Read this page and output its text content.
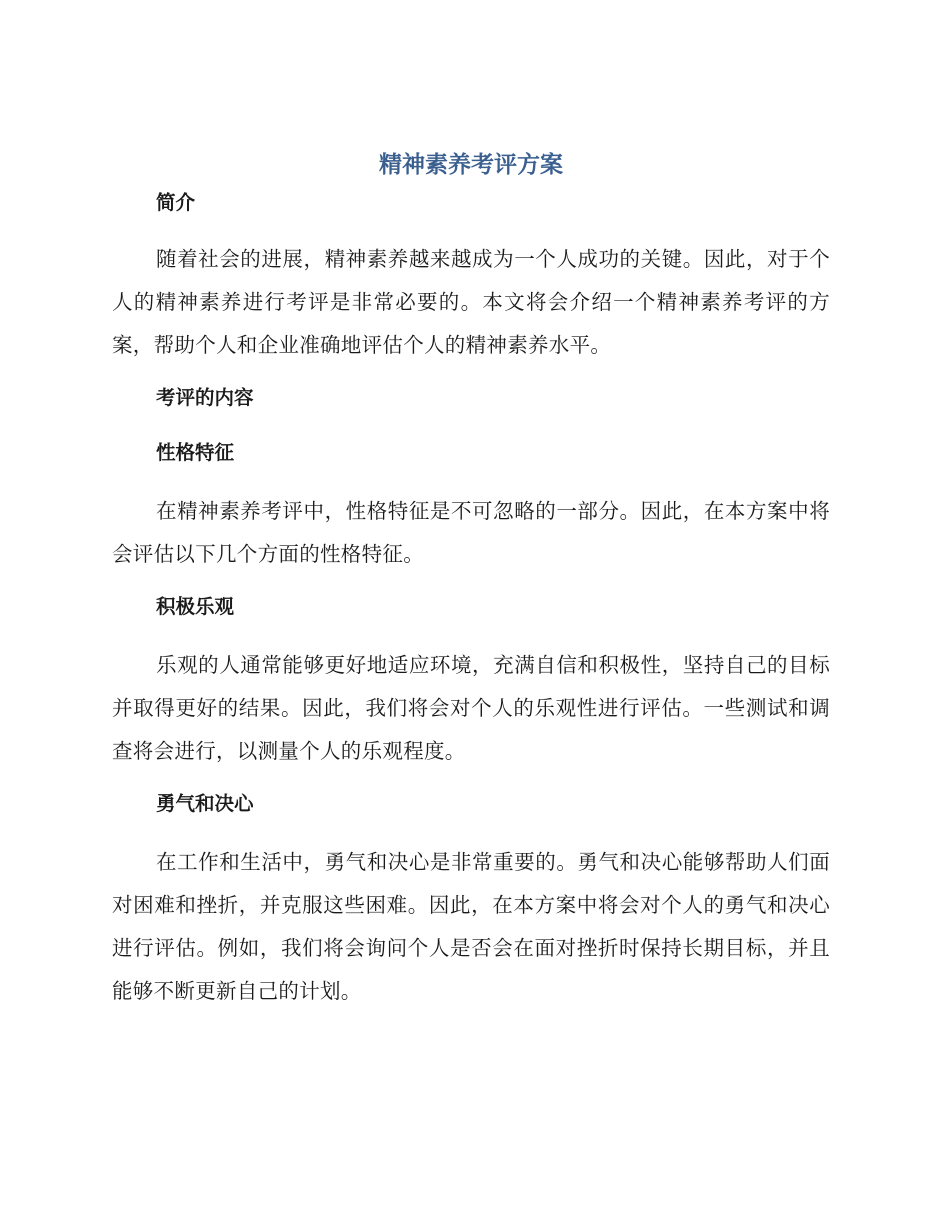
精神素养考评方案
简介

随着社会的进展，精神素养越来越成为一个人成功的关键。因此，对于个人的精神素养进行考评是非常必要的。本文将会介绍一个精神素养考评的方案，帮助个人和企业准确地评估个人的精神素养水平。

考评的内容
性格特征

在精神素养考评中，性格特征是不可忽略的一部分。因此，在本方案中将会评估以下几个方面的性格特征。

积极乐观

乐观的人通常能够更好地适应环境，充满自信和积极性，坚持自己的目标并取得更好的结果。因此，我们将会对个人的乐观性进行评估。一些测试和调查将会进行，以测量个人的乐观程度。

勇气和决心

在工作和生活中，勇气和决心是非常重要的。勇气和决心能够帮助人们面对困难和挫折，并克服这些困难。因此，在本方案中将会对个人的勇气和决心进行评估。例如，我们将会询问个人是否会在面对挫折时保持长期目标，并且能够不断更新自己的计划。
